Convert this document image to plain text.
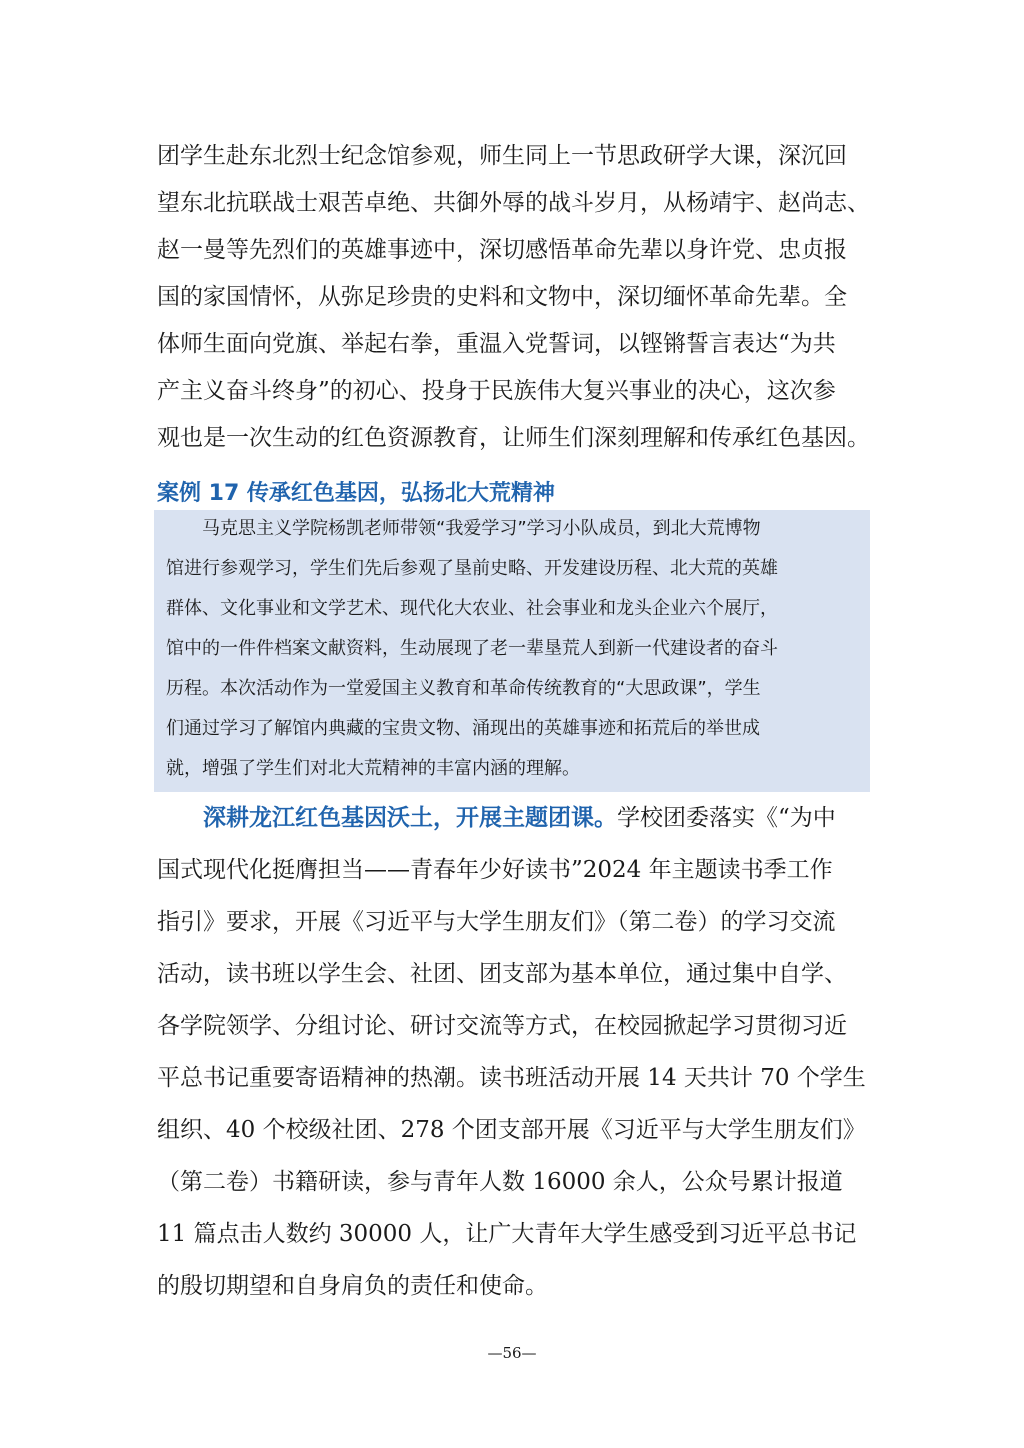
团学生赴东北烈士纪念馆参观，师生同上一节思政研学大课，深沉回
望东北抗联战士艰苦卓绝、共御外辱的战斗岁月，从杨靖宇、赵尚志、
赵一曼等先烈们的英雄事迹中，深切感悟革命先辈以身许党、忠贞报
国的家国情怀，从弥足珍贵的史料和文物中，深切缅怀革命先辈。全
体师生面向党旗、举起右拳，重温入党誓词，以铿锵誓言表达“为共
产主义奋斗终身”的初心、投身于民族伟大复兴事业的决心，这次参
观也是一次生动的红色资源教育，让师生们深刻理解和传承红色基因。
案例 17 传承红色基因，弘扬北大荒精神
　　马克思主义学院杨凯老师带领“我爱学习”学习小队成员，到北大荒博物
馆进行参观学习，学生们先后参观了垦前史略、开发建设历程、北大荒的英雄
群体、文化事业和文学艺术、现代化大农业、社会事业和龙头企业六个展厅，
馆中的一件件档案文献资料，生动展现了老一辈垦荒人到新一代建设者的奋斗
历程。本次活动作为一堂爱国主义教育和革命传统教育的“大思政课”，学生
们通过学习了解馆内典藏的宝贵文物、涌现出的英雄事迹和拓荒后的举世成
就，增强了学生们对北大荒精神的丰富内涵的理解。
深耕龙江红色基因沃土，开展主题团课。学校团委落实《“为中
国式现代化挺膺担当——青春年少好读书”2024 年主题读书季工作
指引》要求，开展《习近平与大学生朋友们》（第二卷）的学习交流
活动，读书班以学生会、社团、团支部为基本单位，通过集中自学、
各学院领学、分组讨论、研讨交流等方式，在校园掀起学习贯彻习近
平总书记重要寄语精神的热潮。读书班活动开展 14 天共计 70 个学生
组织、40 个校级社团、278 个团支部开展《习近平与大学生朋友们》
（第二卷）书籍研读，参与青年人数 16000 余人，公众号累计报道
11 篇点击人数约 30000 人，让广大青年大学生感受到习近平总书记
的殷切期望和自身肩负的责任和使命。
—56—
